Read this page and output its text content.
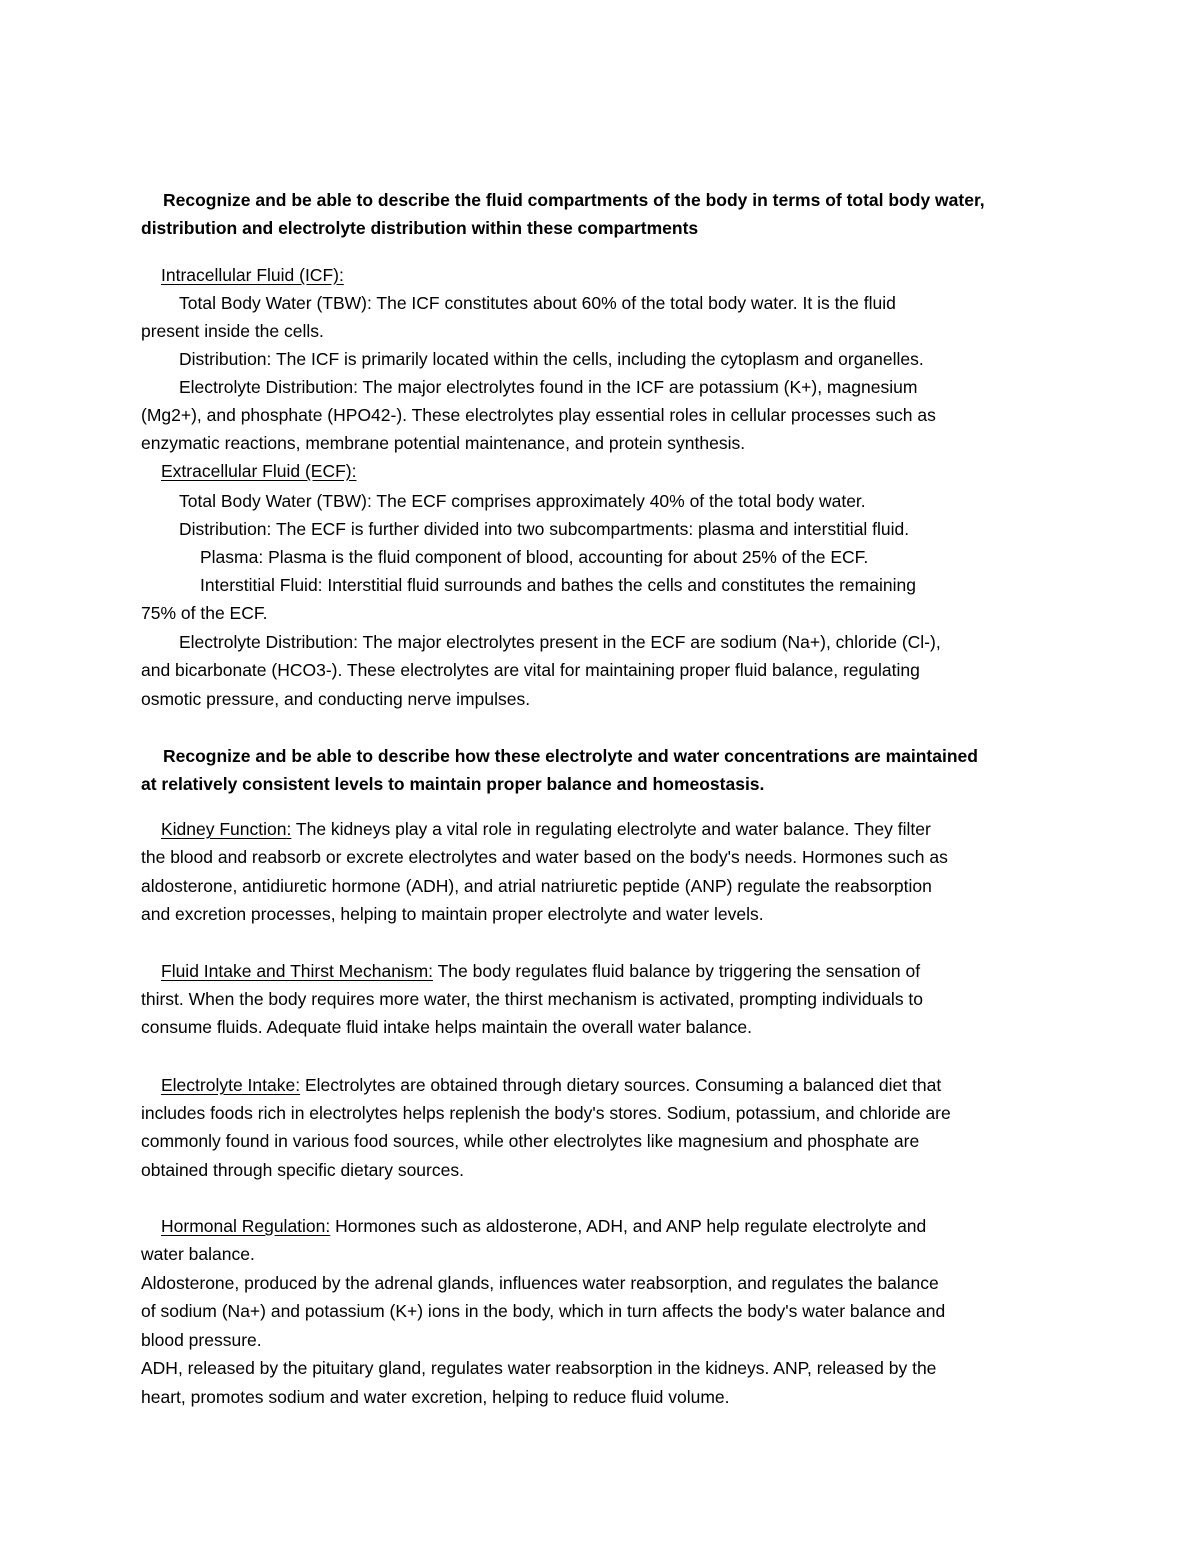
Recognize and be able to describe the fluid compartments of the body in terms of total body water,
distribution and electrolyte distribution within these compartments
Intracellular Fluid (ICF):
Total Body Water (TBW): The ICF constitutes about 60% of the total body water. It is the fluid
present inside the cells.
Distribution: The ICF is primarily located within the cells, including the cytoplasm and organelles.
Electrolyte Distribution: The major electrolytes found in the ICF are potassium (K+), magnesium
(Mg2+), and phosphate (HPO42-). These electrolytes play essential roles in cellular processes such as
enzymatic reactions, membrane potential maintenance, and protein synthesis.
Extracellular Fluid (ECF):
Total Body Water (TBW): The ECF comprises approximately 40% of the total body water.
Distribution: The ECF is further divided into two subcompartments: plasma and interstitial fluid.
Plasma: Plasma is the fluid component of blood, accounting for about 25% of the ECF.
Interstitial Fluid: Interstitial fluid surrounds and bathes the cells and constitutes the remaining
75% of the ECF.
Electrolyte Distribution: The major electrolytes present in the ECF are sodium (Na+), chloride (Cl-),
and bicarbonate (HCO3-). These electrolytes are vital for maintaining proper fluid balance, regulating
osmotic pressure, and conducting nerve impulses.
Recognize and be able to describe how these electrolyte and water concentrations are maintained
at relatively consistent levels to maintain proper balance and homeostasis.
Kidney Function: The kidneys play a vital role in regulating electrolyte and water balance. They filter
the blood and reabsorb or excrete electrolytes and water based on the body's needs. Hormones such as
aldosterone, antidiuretic hormone (ADH), and atrial natriuretic peptide (ANP) regulate the reabsorption
and excretion processes, helping to maintain proper electrolyte and water levels.
Fluid Intake and Thirst Mechanism: The body regulates fluid balance by triggering the sensation of
thirst. When the body requires more water, the thirst mechanism is activated, prompting individuals to
consume fluids. Adequate fluid intake helps maintain the overall water balance.
Electrolyte Intake: Electrolytes are obtained through dietary sources. Consuming a balanced diet that
includes foods rich in electrolytes helps replenish the body's stores. Sodium, potassium, and chloride are
commonly found in various food sources, while other electrolytes like magnesium and phosphate are
obtained through specific dietary sources.
Hormonal Regulation: Hormones such as aldosterone, ADH, and ANP help regulate electrolyte and
water balance.
Aldosterone, produced by the adrenal glands, influences water reabsorption, and regulates the balance
of sodium (Na+) and potassium (K+) ions in the body, which in turn affects the body's water balance and
blood pressure.
ADH, released by the pituitary gland, regulates water reabsorption in the kidneys. ANP, released by the
heart, promotes sodium and water excretion, helping to reduce fluid volume.
